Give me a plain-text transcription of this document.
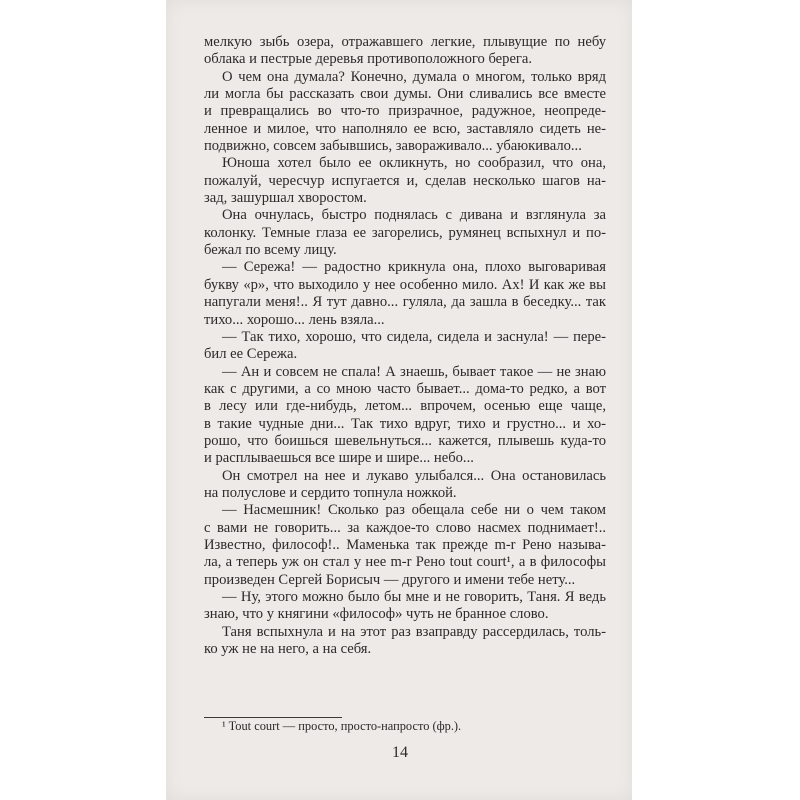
мелкую зыбь озера, отражавшего легкие, плывущие по небу
облака и пестрые деревья противоположного берега.
О чем она думала? Конечно, думала о многом, только вряд
ли могла бы рассказать свои думы. Они сливались все вместе
и превращались во что-то призрачное, радужное, неопреде-
ленное и милое, что наполняло ее всю, заставляло сидеть не-
подвижно, совсем забывшись, завораживало... убаюкивало...
Юноша хотел было ее окликнуть, но сообразил, что она,
пожалуй, чересчур испугается и, сделав несколько шагов на-
зад, зашуршал хворостом.
Она очнулась, быстро поднялась с дивана и взглянула за
колонку. Темные глаза ее загорелись, румянец вспыхнул и по-
бежал по всему лицу.
— Сережа! — радостно крикнула она, плохо выговаривая
букву «р», что выходило у нее особенно мило. Ах! И как же вы
напугали меня!.. Я тут давно... гуляла, да зашла в беседку... так
тихо... хорошо... лень взяла...
— Так тихо, хорошо, что сидела, сидела и заснула! — пере-
бил ее Сережа.
— Ан и совсем не спала! А знаешь, бывает такое — не знаю
как с другими, а со мною часто бывает... дома-то редко, а вот
в лесу или где-нибудь, летом... впрочем, осенью еще чаще,
в такие чудные дни... Так тихо вдруг, тихо и грустно... и хо-
рошо, что боишься шевельнуться... кажется, плывешь куда-то
и расплываешься все шире и шире... небо...
Он смотрел на нее и лукаво улыбался... Она остановилась
на полуслове и сердито топнула ножкой.
— Насмешник! Сколько раз обещала себе ни о чем таком
с вами не говорить... за каждое-то слово насмех поднимает!..
Известно, философ!.. Маменька так прежде m-r Рено называ-
ла, а теперь уж он стал у нее m-r Рено tout court¹, а в философы
произведен Сергей Борисыч — другого и имени тебе нету...
— Ну, этого можно было бы мне и не говорить, Таня. Я ведь
знаю, что у княгини «философ» чуть не бранное слово.
Таня вспыхнула и на этот раз взаправду рассердилась, толь-
ко уж не на него, а на себя.
¹ Tout court — просто, просто-напросто (фр.).
14
